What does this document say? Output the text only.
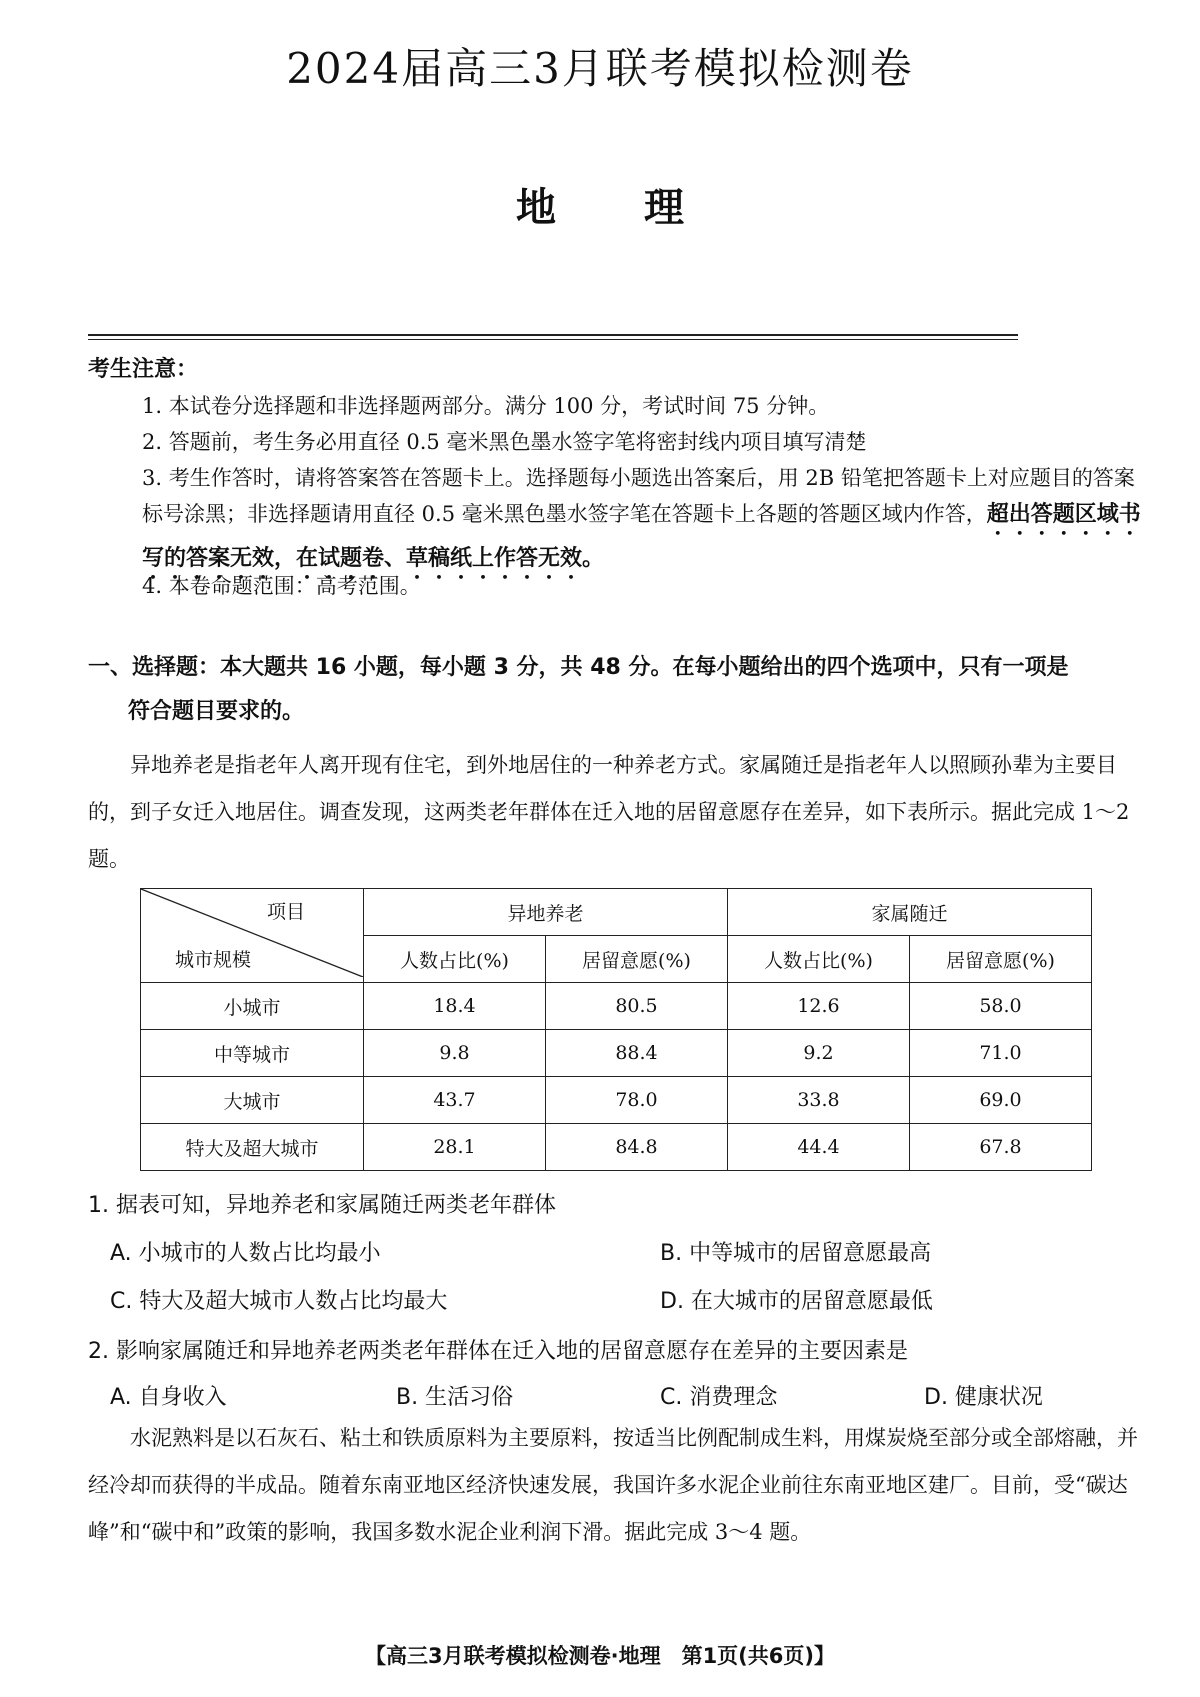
2024届高三3月联考模拟检测卷
地 理
考生注意：
1. 本试卷分选择题和非选择题两部分。满分 100 分，考试时间 75 分钟。
2. 答题前，考生务必用直径 0.5 毫米黑色墨水签字笔将密封线内项目填写清楚
3. 考生作答时，请将答案答在答题卡上。选择题每小题选出答案后，用 2B 铅笔把答题卡上对应题目的答案标号涂黑；非选择题请用直径 0.5 毫米黑色墨水签字笔在答题卡上各题的答题区域内作答，超出答题区域书写的答案无效，在试题卷、草稿纸上作答无效。
4. 本卷命题范围：高考范围。
一、选择题：本大题共 16 小题，每小题 3 分，共 48 分。在每小题给出的四个选项中，只有一项是
符合题目要求的。
异地养老是指老年人离开现有住宅，到外地居住的一种养老方式。家属随迁是指老年人以照顾孙辈为主要目的，到子女迁入地居住。调查发现，这两类老年群体在迁入地的居留意愿存在差异，如下表所示。据此完成 1～2 题。
项目
城市规模	异地养老		家属随迁	
	人数占比(%)	居留意愿(%)	人数占比(%)	居留意愿(%)
小城市	18.4	80.5	12.6	58.0
中等城市	9.8	88.4	9.2	71.0
大城市	43.7	78.0	33.8	69.0
特大及超大城市	28.1	84.8	44.4	67.8
1. 据表可知，异地养老和家属随迁两类老年群体
A. 小城市的人数占比均最小	B. 中等城市的居留意愿最高
C. 特大及超大城市人数占比均最大	D. 在大城市的居留意愿最低
2. 影响家属随迁和异地养老两类老年群体在迁入地的居留意愿存在差异的主要因素是
A. 自身收入	B. 生活习俗	C. 消费理念	D. 健康状况
水泥熟料是以石灰石、粘土和铁质原料为主要原料，按适当比例配制成生料，用煤炭烧至部分或全部熔融，并经冷却而获得的半成品。随着东南亚地区经济快速发展，我国许多水泥企业前往东南亚地区建厂。目前，受“碳达峰”和“碳中和”政策的影响，我国多数水泥企业利润下滑。据此完成 3～4 题。
【高三3月联考模拟检测卷·地理　第1页(共6页)】
